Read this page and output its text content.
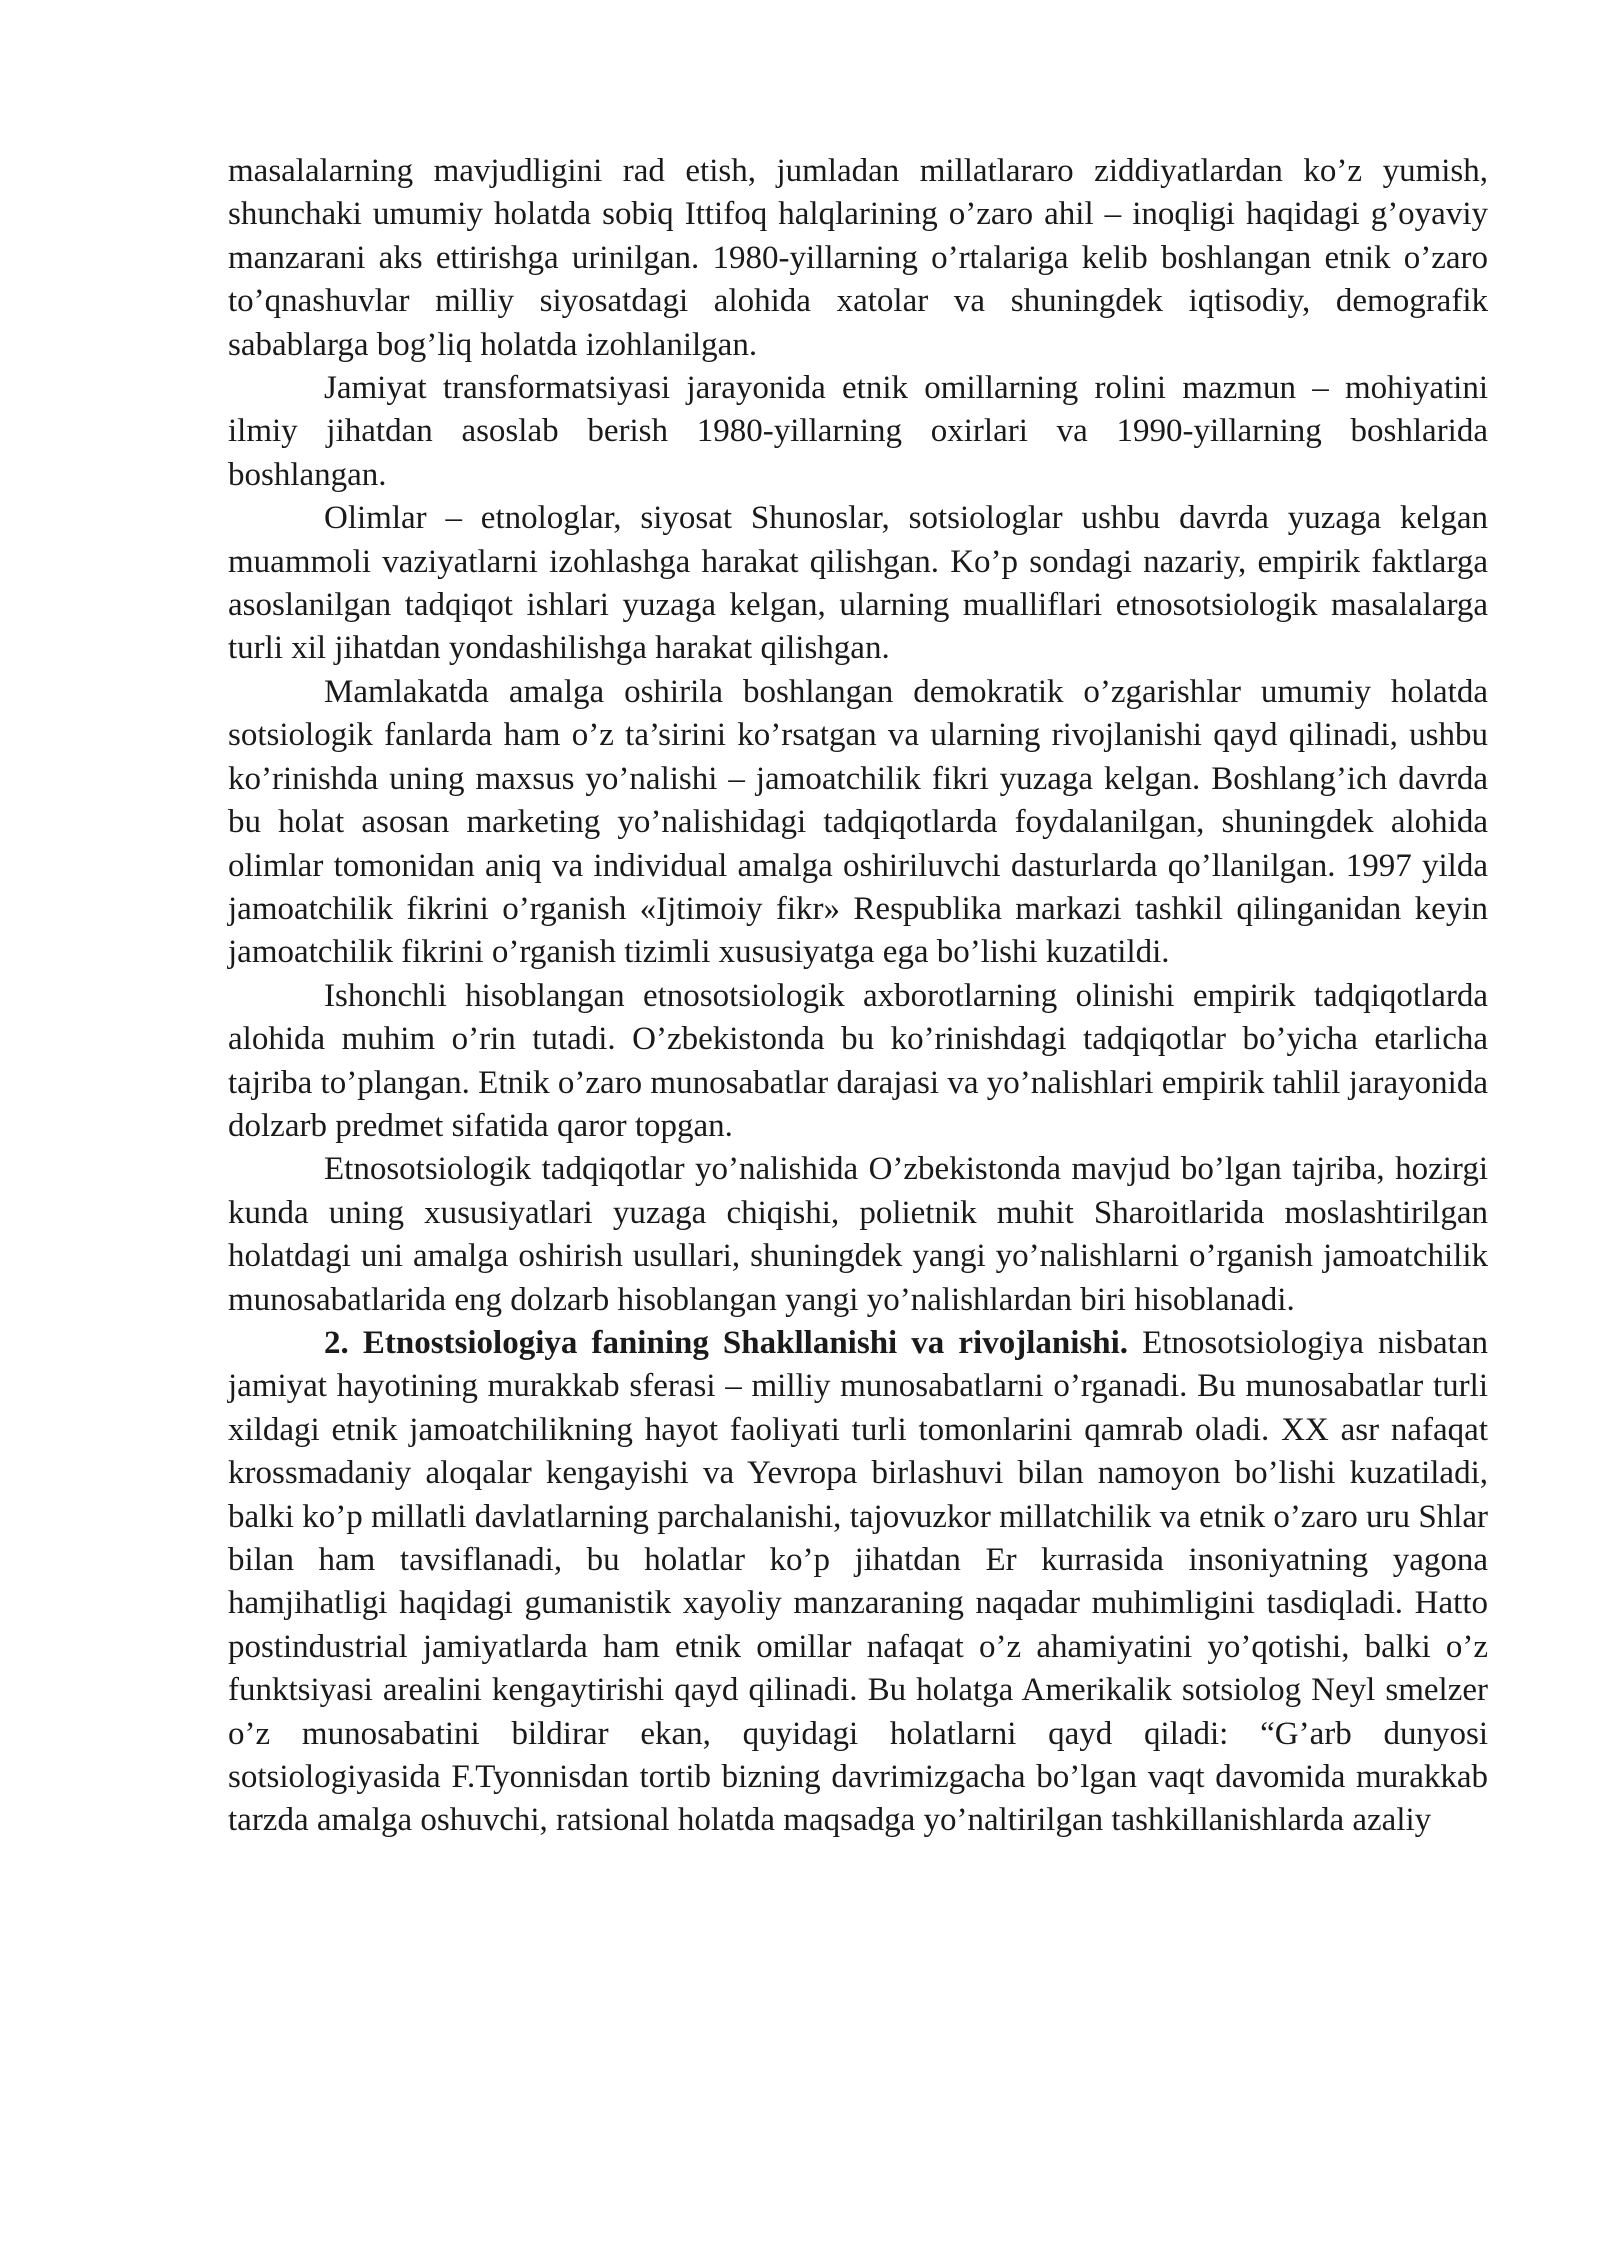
masalalarning mavjudligini rad etish, jumladan millatlararo ziddiyatlardan ko’z yumish, shunchaki umumiy holatda sobiq Ittifoq halqlarining o’zaro ahil – inoqligi haqidagi g’oyaviy manzarani aks ettirishga urinilgan. 1980-yillarning o’rtalariga kelib boshlangan etnik o’zaro to’qnashuvlar milliy siyosatdagi alohida xatolar va shuningdek iqtisodiy, demografik sabablarga bog’liq holatda izohlanilgan.

Jamiyat transformatsiyasi jarayonida etnik omillarning rolini mazmun – mohiyatini ilmiy jihatdan asoslab berish 1980-yillarning oxirlari va 1990-yillarning boshlarida boshlangan.

Olimlar – etnologlar, siyosat Shunoslar, sotsiologlar ushbu davrda yuzaga kelgan muammoli vaziyatlarni izohlashga harakat qilishgan. Ko’p sondagi nazariy, empirik faktlarga asoslanilgan tadqiqot ishlari yuzaga kelgan, ularning mualliflari etnosotsiologik masalalarga turli xil jihatdan yondashilishga harakat qilishgan.

Mamlakatda amalga oshirila boshlangan demokratik o’zgarishlar umumiy holatda sotsiologik fanlarda ham o’z ta’sirini ko’rsatgan va ularning rivojlanishi qayd qilinadi, ushbu ko’rinishda uning maxsus yo’nalishi – jamoatchilik fikri yuzaga kelgan. Boshlang’ich davrda bu holat asosan marketing yo’nalishidagi tadqiqotlarda foydalanilgan, shuningdek alohida olimlar tomonidan aniq va individual amalga oshiriluvchi dasturlarda qo’llanilgan. 1997 yilda jamoatchilik fikrini o’rganish «Ijtimoiy fikr» Respublika markazi tashkil qilinganidan keyin jamoatchilik fikrini o’rganish tizimli xususiyatga ega bo’lishi kuzatildi.

Ishonchli hisoblangan etnosotsiologik axborotlarning olinishi empirik tadqiqotlarda alohida muhim o’rin tutadi. O’zbekistonda bu ko’rinishdagi tadqiqotlar bo’yicha etarlicha tajriba to’plangan. Etnik o’zaro munosabatlar darajasi va yo’nalishlari empirik tahlil jarayonida dolzarb predmet sifatida qaror topgan.

Etnosotsiologik tadqiqotlar yo’nalishida O’zbekistonda mavjud bo’lgan tajriba, hozirgi kunda uning xususiyatlari yuzaga chiqishi, polietnik muhit Sharoitlarida moslashtirilgan holatdagi uni amalga oshirish usullari, shuningdek yangi yo’nalishlarni o’rganish jamoatchilik munosabatlarida eng dolzarb hisoblangan yangi yo’nalishlardan biri hisoblanadi.

2. Etnostsiologiya fanining Shakllanishi va rivojlanishi. Etnosotsiologiya nisbatan jamiyat hayotining murakkab sferasi – milliy munosabatlarni o’rganadi. Bu munosabatlar turli xildagi etnik jamoatchilikning hayot faoliyati turli tomonlarini qamrab oladi. XX asr nafaqat krossmadaniy aloqalar kengayishi va Yevropa birlashuvi bilan namoyon bo’lishi kuzatiladi, balki ko’p millatli davlatlarning parchalanishi, tajovuzkor millatchilik va etnik o’zaro uru Shlar bilan ham tavsiflanadi, bu holatlar ko’p jihatdan Er kurrasida insoniyatning yagona hamjihatligi haqidagi gumanistik xayoliy manzaraning naqadar muhimligini tasdiqladi. Hatto postindustrial jamiyatlarda ham etnik omillar nafaqat o’z ahamiyatini yo’qotishi, balki o’z funktsiyasi arealini kengaytirishi qayd qilinadi. Bu holatga Amerikalik sotsiolog Neyl smelzer o’z munosabatini bildirar ekan, quyidagi holatlarni qayd qiladi: “G’arb dunyosi sotsiologiyasida F.Tyonnisdan tortib bizning davrimizgacha bo’lgan vaqt davomida murakkab tarzda amalga oshuvchi, ratsional holatda maqsadga yo’naltirilgan tashkillanishlarda azaliy
